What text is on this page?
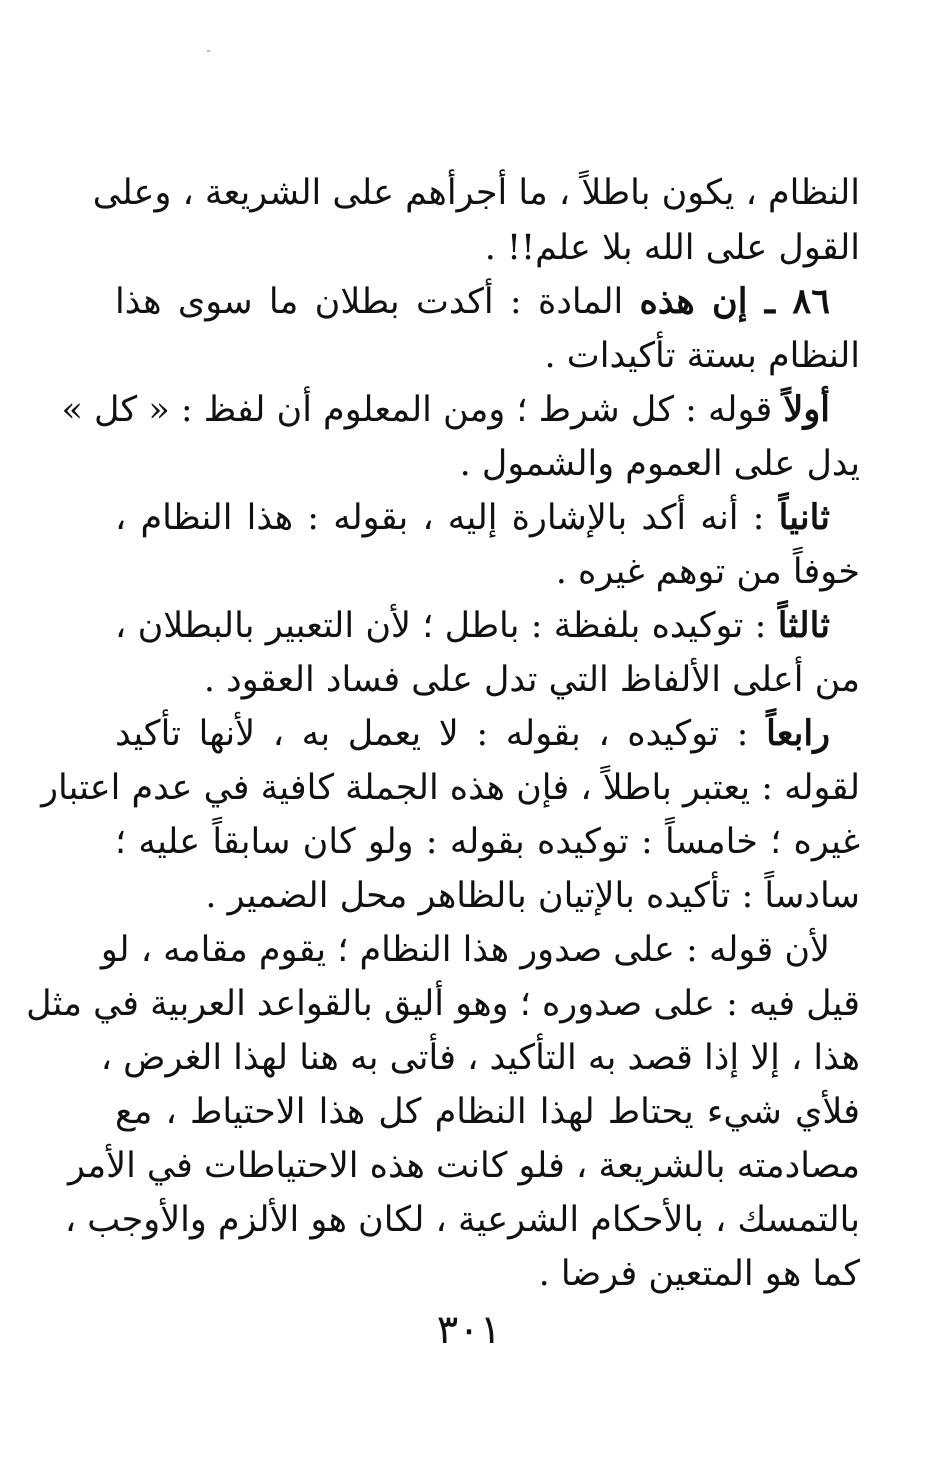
النظام ، يكون باطلاً ، ما أجرأهم على الشريعة ، وعلى
القول على الله بلا علم!! .
٨٦ ـ إن هذه المادة : أكدت بطلان ما سوى هذا
النظام بستة تأكيدات .
أولاً قوله : كل شرط ؛ ومن المعلوم أن لفظ : « كل »
يدل على العموم والشمول .
ثانياً : أنه أكد بالإشارة إليه ، بقوله : هذا النظام ،
خوفاً من توهم غيره .
ثالثاً : توكيده بلفظة : باطل ؛ لأن التعبير بالبطلان ،
من أعلى الألفاظ التي تدل على فساد العقود .
رابعاً : توكيده ، بقوله : لا يعمل به ، لأنها تأكيد
لقوله : يعتبر باطلاً ، فإن هذه الجملة كافية في عدم اعتبار
غيره ؛ خامساً : توكيده بقوله : ولو كان سابقاً عليه ؛
سادساً : تأكيده بالإتيان بالظاهر محل الضمير .
لأن قوله : على صدور هذا النظام ؛ يقوم مقامه ، لو
قيل فيه : على صدوره ؛ وهو أليق بالقواعد العربية في مثل
هذا ، إلا إذا قصد به التأكيد ، فأتى به هنا لهذا الغرض ،
فلأي شيء يحتاط لهذا النظام كل هذا الاحتياط ، مع
مصادمته بالشريعة ، فلو كانت هذه الاحتياطات في الأمر
بالتمسك ، بالأحكام الشرعية ، لكان هو الألزم والأوجب ،
كما هو المتعين فرضا .
٣٠١
